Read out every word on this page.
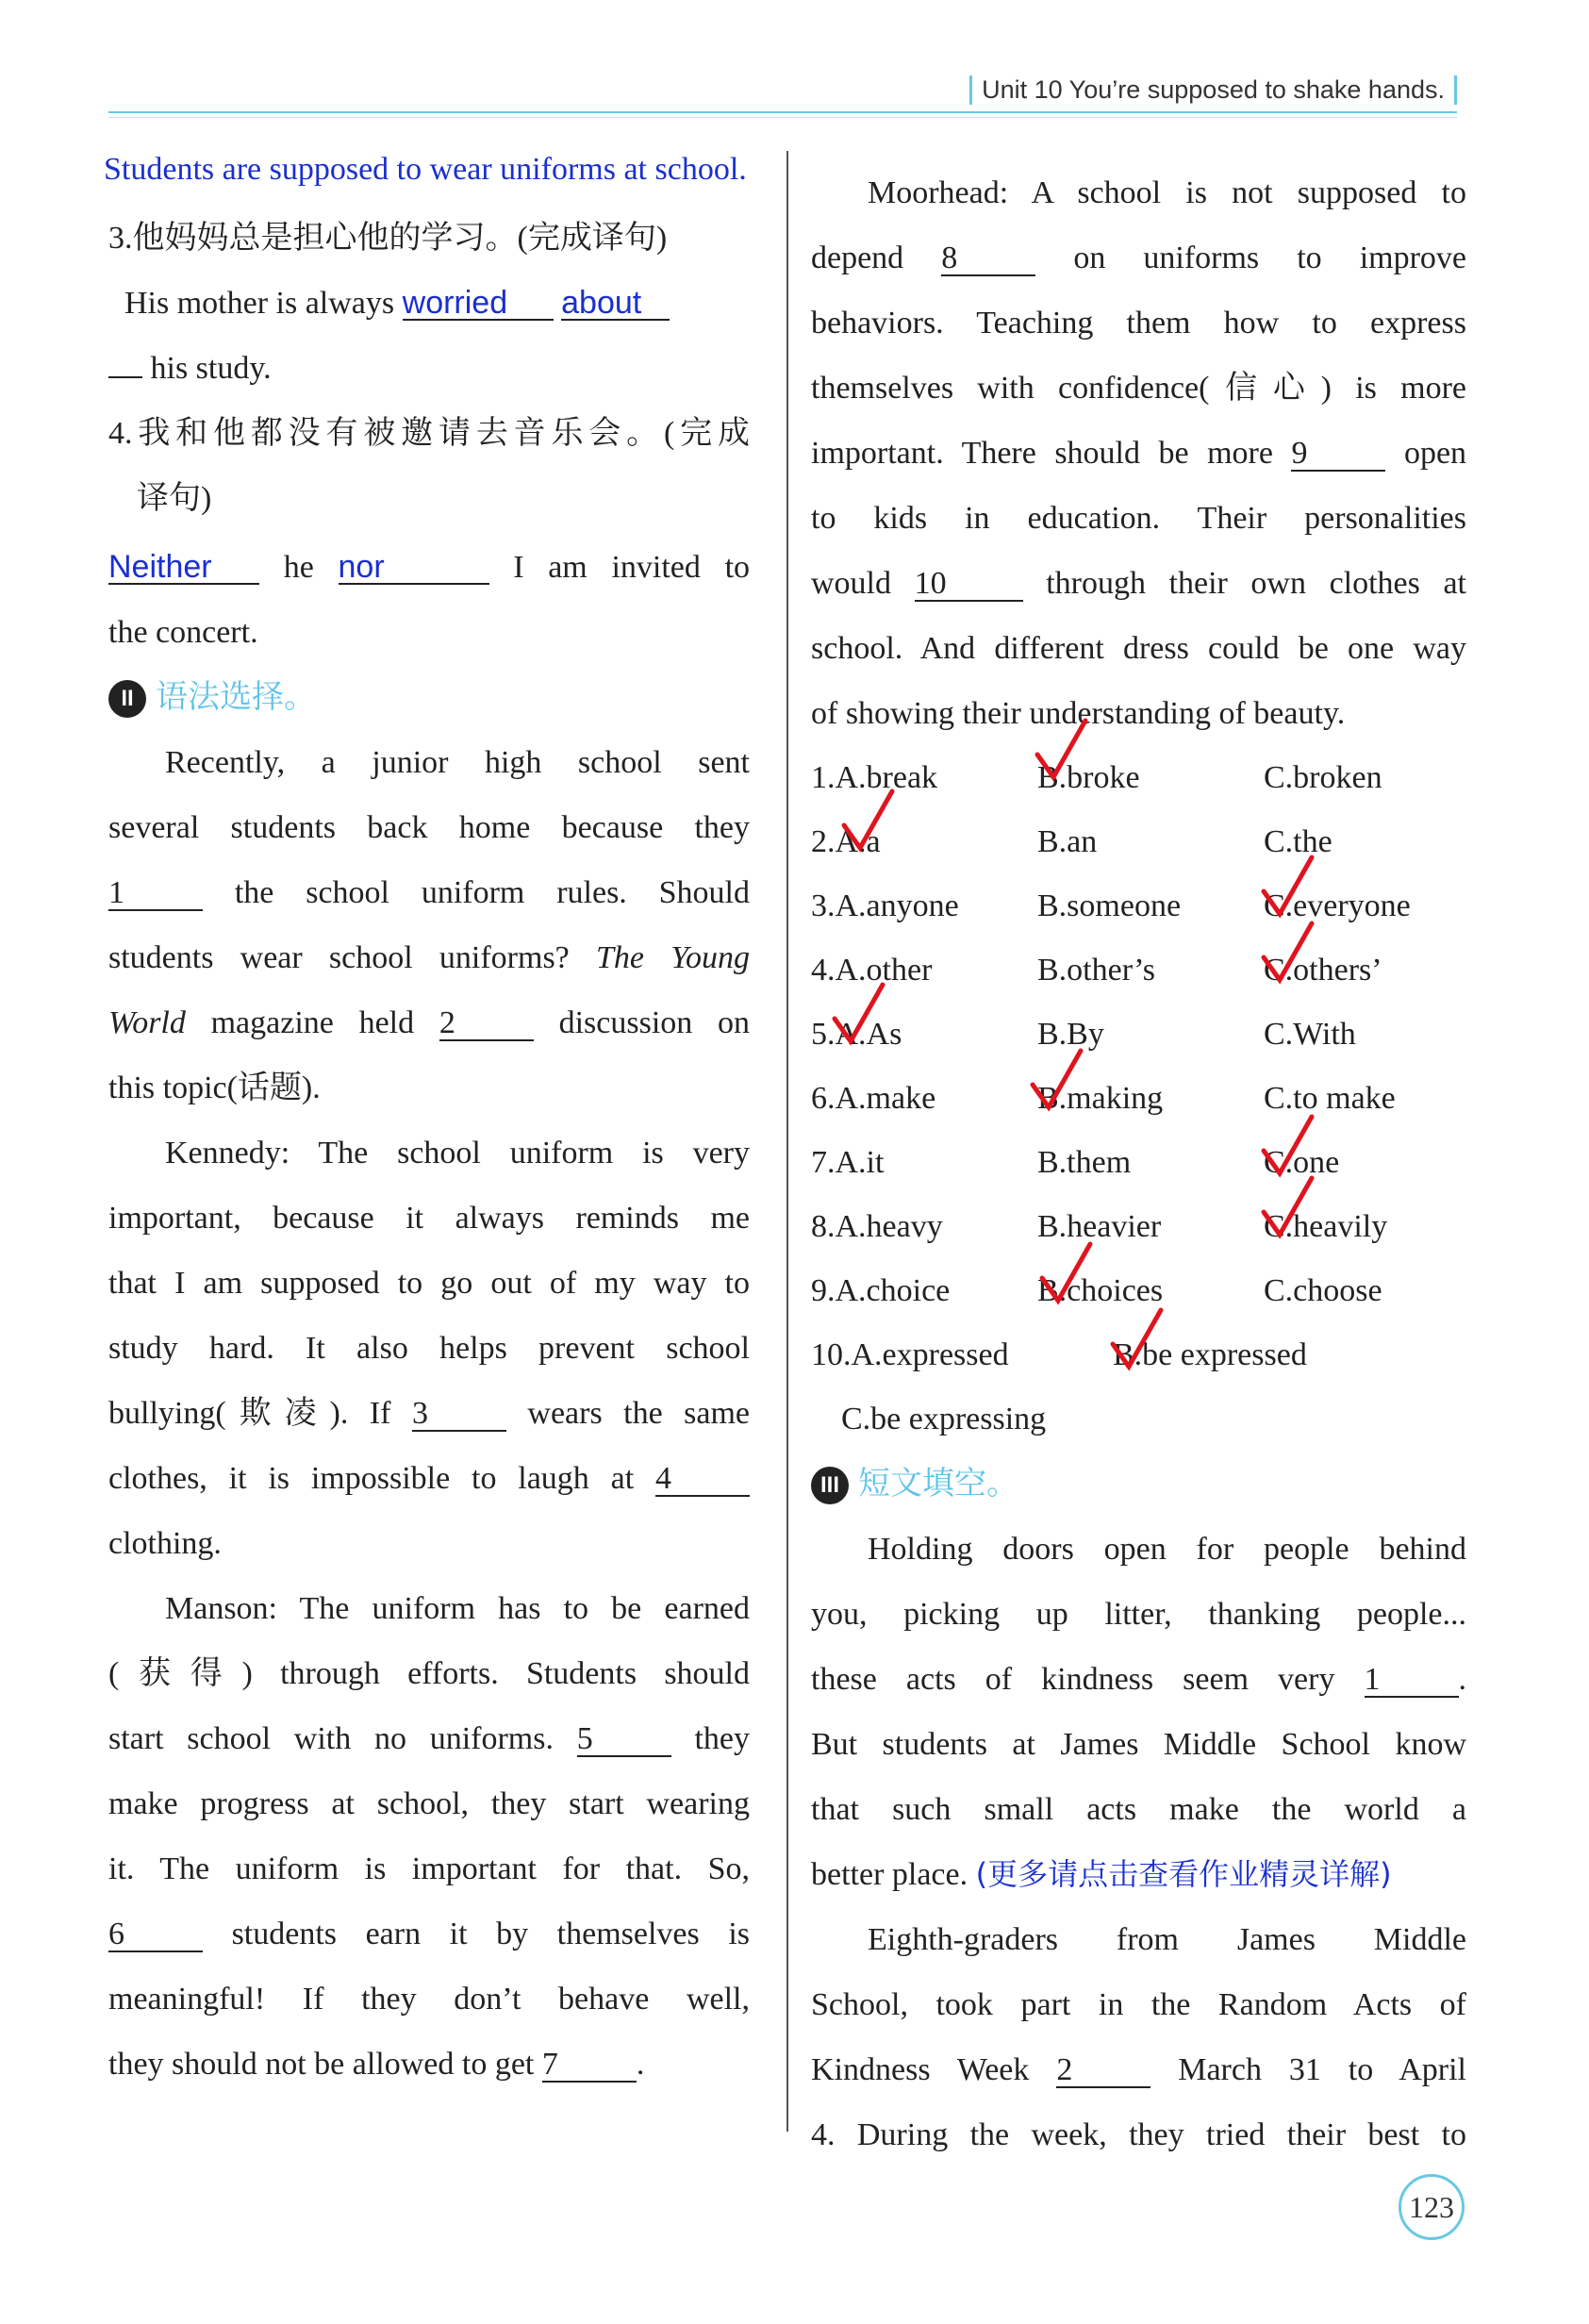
Unit 10 You’re supposed to shake hands.

Students are supposed to wear uniforms at school.

3.他妈妈总是担心他的学习。(完成译句)

His mother is always worried about

his study.

4.我和他都没有被邀请去音乐会。(完成

译句)

Neither he nor	I am invited to

the concert.

II 语法选择。

Recently, a junior high school sent

several students back home because they

1	the school uniform rules. Should

students wear school uniforms? The Young

World magazine held 2	discussion on

this topic(话题).

Kennedy: The school uniform is very

important, because it always reminds me

that I am supposed to go out of my way to

study hard. It also helps prevent school

bullying(欺凌). If 3	wears the same

clothes, it is impossible to laugh at 4

clothing.

Manson: The uniform has to be earned

(获得) through efforts. Students should

start school with no uniforms. 5	they

make progress at school, they start wearing

it. The uniform is important for that. So,

6	students earn it by themselves is

meaningful! If they don’t behave well,

they should not be allowed to get 7 .

Moorhead: A school is not supposed to

depend 8	on uniforms to improve

behaviors. Teaching them how to express

themselves with confidence(信心) is more

important. There should be more 9	open

to kids in education. Their personalities

would 10	through their own clothes at

school. And different dress could be one way

of showing their understanding of beauty.

1.A.break	B.broke	C.broken
2.A.a	B.an	C.the
3.A.anyone	B.someone	C.everyone
4.A.other	B.other’s	C.others’
5.A.As	B.By	C.With
6.A.make	B.making	C.to make
7.A.it	B.them	C.one
8.A.heavy	B.heavier	C.heavily
9.A.choice	B.choices	C.choose
10.A.expressed	B.be expressed
C.be expressing

III 短文填空。

Holding doors open for people behind

you, picking up litter, thanking people...

these acts of kindness seem very 1 .

But students at James Middle School know

that such small acts make the world a

better place. (更多请点击查看作业精灵详解)

Eighth-graders from James Middle

School, took part in the Random Acts of

Kindness Week 2	March 31 to April

4. During the week, they tried their best to

123
